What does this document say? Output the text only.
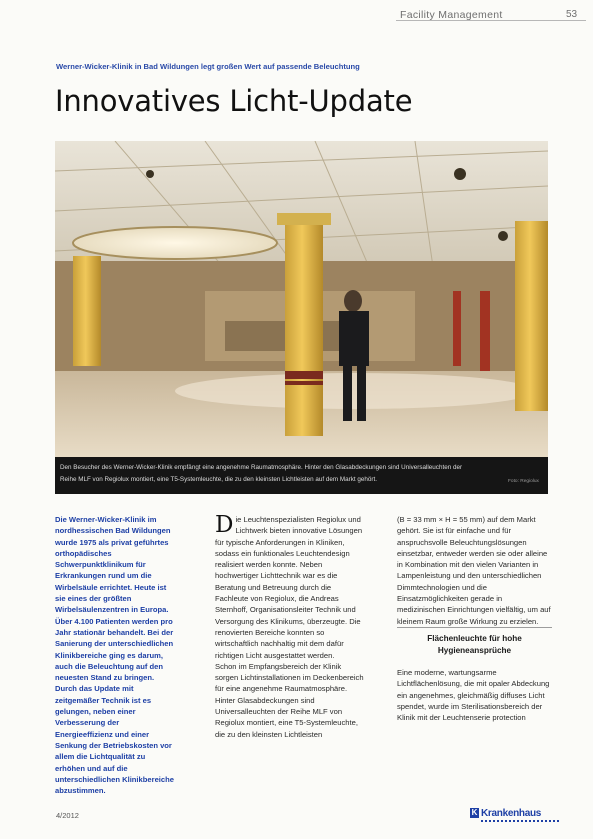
Facility Management	53
Werner-Wicker-Klinik in Bad Wildungen legt großen Wert auf passende Beleuchtung
Innovatives Licht-Update
Den Besucher des Werner-Wicker-Klinik empfängt eine angenehme Raumatmosphäre. Hinter den Glasabdeckungen sind Universalleuchten der Reihe MLF von Regiolux montiert, eine T5-Systemleuchte, die zu den kleinsten Lichtleisten auf dem Markt gehört.	Foto: Regiolux

Die Werner-Wicker-Klinik im nordhessischen Bad Wildungen wurde 1975 als privat geführtes orthopädisches Schwerpunktklinikum für Erkrankungen rund um die Wirbelsäule errichtet. Heute ist sie eines der größten Wirbelsäulenzentren in Europa. Über 4.100 Patienten werden pro Jahr stationär behandelt. Bei der Sanierung der unterschiedlichen Klinikbereiche ging es darum, auch die Beleuchtung auf den neuesten Stand zu bringen. Durch das Update mit zeitgemäßer Technik ist es gelungen, neben einer Verbesserung der Energieeffizienz und einer Senkung der Betriebskosten vor allem die Lichtqualität zu erhöhen und auf die unterschiedlichen Klinikbereiche abzustimmen.

Die Leuchtenspezialisten Regiolux und Lichtwerk bieten innovative Lösungen für typische Anforderungen in Kliniken, sodass ein funktionales Leuchtendesign realisiert werden konnte. Neben hochwertiger Lichttechnik war es die Beratung und Betreuung durch die Fachleute von Regiolux, die Andreas Sternhoff, Organisationsleiter Technik und Versorgung des Klinikums, überzeugte. Die renovierten Bereiche konnten so wirtschaftlich nachhaltig mit dem dafür richtigen Licht ausgestattet werden.

Schon im Empfangsbereich der Klinik sorgen Lichtinstallationen im Deckenbereich für eine angenehme Raumatmosphäre. Hinter Glasabdeckungen sind Universalleuchten der Reihe MLF von Regiolux montiert, eine T5-Systemleuchte, die zu den kleinsten Lichtleisten

(B = 33 mm × H = 55 mm) auf dem Markt gehört. Sie ist für einfache und für anspruchsvolle Beleuchtungslösungen einsetzbar, entweder werden sie oder alleine in Kombination mit den vielen Varianten in Lampenleistung und den unterschiedlichen Dimmtechnologien und die Einsatzmöglichkeiten gerade in medizinischen Einrichtungen vielfältig, um auf kleinem Raum große Wirkung zu erzielen.

Flächenleuchte für hohe Hygieneansprüche

Eine moderne, wartungsarme Lichtflächenlösung, die mit opaler Abdeckung ein angenehmes, gleichmäßig diffuses Licht spendet, wurde im Sterilisationsbereich der Klinik mit der Leuchtenserie protection

4/2012	K Krankenhaus
